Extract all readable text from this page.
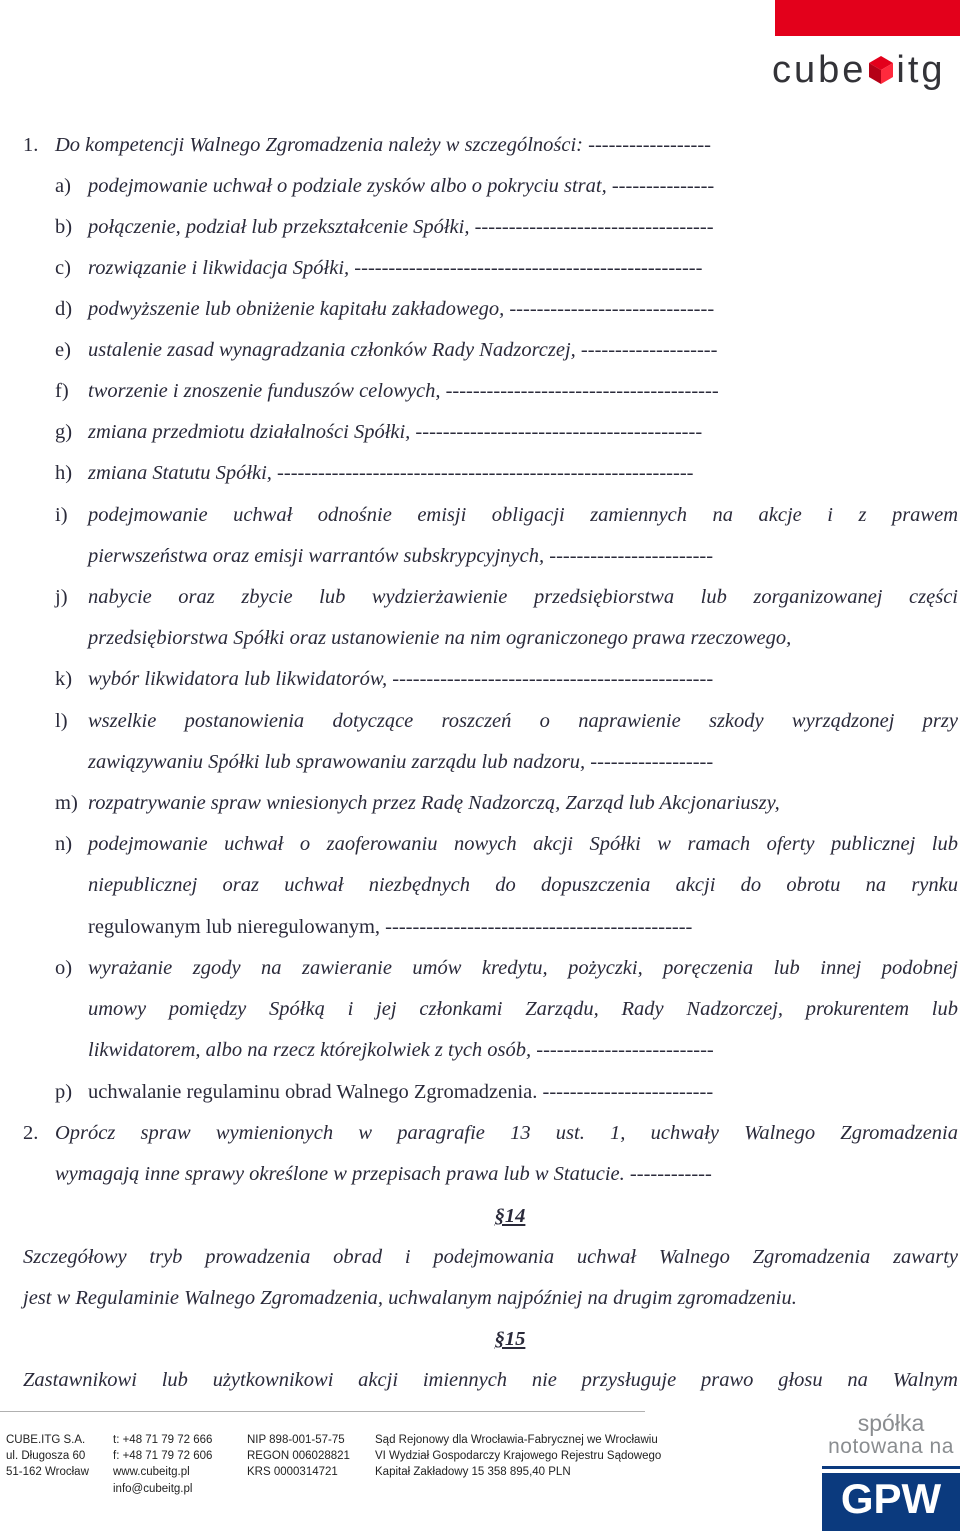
cube itg
1. Do kompetencji Walnego Zgromadzenia należy w szczególności: ------------------
a) podejmowanie uchwał o podziale zysków albo o pokryciu strat, ---------------
b) połączenie, podział lub przekształcenie Spółki, -----------------------------------
c) rozwiązanie i likwidacja Spółki, ---------------------------------------------------
d) podwyższenie lub obniżenie kapitału zakładowego, ------------------------------
e) ustalenie zasad wynagradzania członków Rady Nadzorczej, --------------------
f) tworzenie i znoszenie funduszów celowych, ----------------------------------------
g) zmiana przedmiotu działalności Spółki, ------------------------------------------
h) zmiana Statutu Spółki, -------------------------------------------------------------
i) podejmowanie uchwał odnośnie emisji obligacji zamiennych na akcje i z prawem
pierwszeństwa oraz emisji warrantów subskrypcyjnych, ------------------------
j) nabycie oraz zbycie lub wydzierżawienie przedsiębiorstwa lub zorganizowanej części
przedsiębiorstwa Spółki oraz ustanowienie na nim ograniczonego prawa rzeczowego,
k) wybór likwidatora lub likwidatorów, -----------------------------------------------
l) wszelkie postanowienia dotyczące roszczeń o naprawienie szkody wyrządzonej przy
zawiązywaniu Spółki lub sprawowaniu zarządu lub nadzoru, ------------------
m) rozpatrywanie spraw wniesionych przez Radę Nadzorczą, Zarząd lub Akcjonariuszy,
n) podejmowanie uchwał o zaoferowaniu nowych akcji Spółki w ramach oferty publicznej lub
niepublicznej oraz uchwał niezbędnych do dopuszczenia akcji do obrotu na rynku
regulowanym lub nieregulowanym, ---------------------------------------------
o) wyrażanie zgody na zawieranie umów kredytu, pożyczki, poręczenia lub innej podobnej
umowy pomiędzy Spółką i jej członkami Zarządu, Rady Nadzorczej, prokurentem lub
likwidatorem, albo na rzecz którejkolwiek z tych osób, --------------------------
p) uchwalanie regulaminu obrad Walnego Zgromadzenia. -------------------------
2. Oprócz spraw wymienionych w paragrafie 13 ust. 1, uchwały Walnego Zgromadzenia
wymagają inne sprawy określone w przepisach prawa lub w Statucie. ------------
§14
Szczegółowy tryb prowadzenia obrad i podejmowania uchwał Walnego Zgromadzenia zawarty
jest w Regulaminie Walnego Zgromadzenia, uchwalanym najpóźniej na drugim zgromadzeniu.
§15
Zastawnikowi lub użytkownikowi akcji imiennych nie przysługuje prawo głosu na Walnym
CUBE.ITG S.A.
ul. Długosza 60
51-162 Wrocław
t: +48 71 79 72 666
f: +48 71 79 72 606
www.cubeitg.pl
info@cubeitg.pl
NIP 898-001-57-75
REGON 006028821
KRS 0000314721
Sąd Rejonowy dla Wrocławia-Fabrycznej we Wrocławiu
VI Wydział Gospodarczy Krajowego Rejestru Sądowego
Kapitał Zakładowy 15 358 895,40 PLN
spółka
notowana na
GPW
